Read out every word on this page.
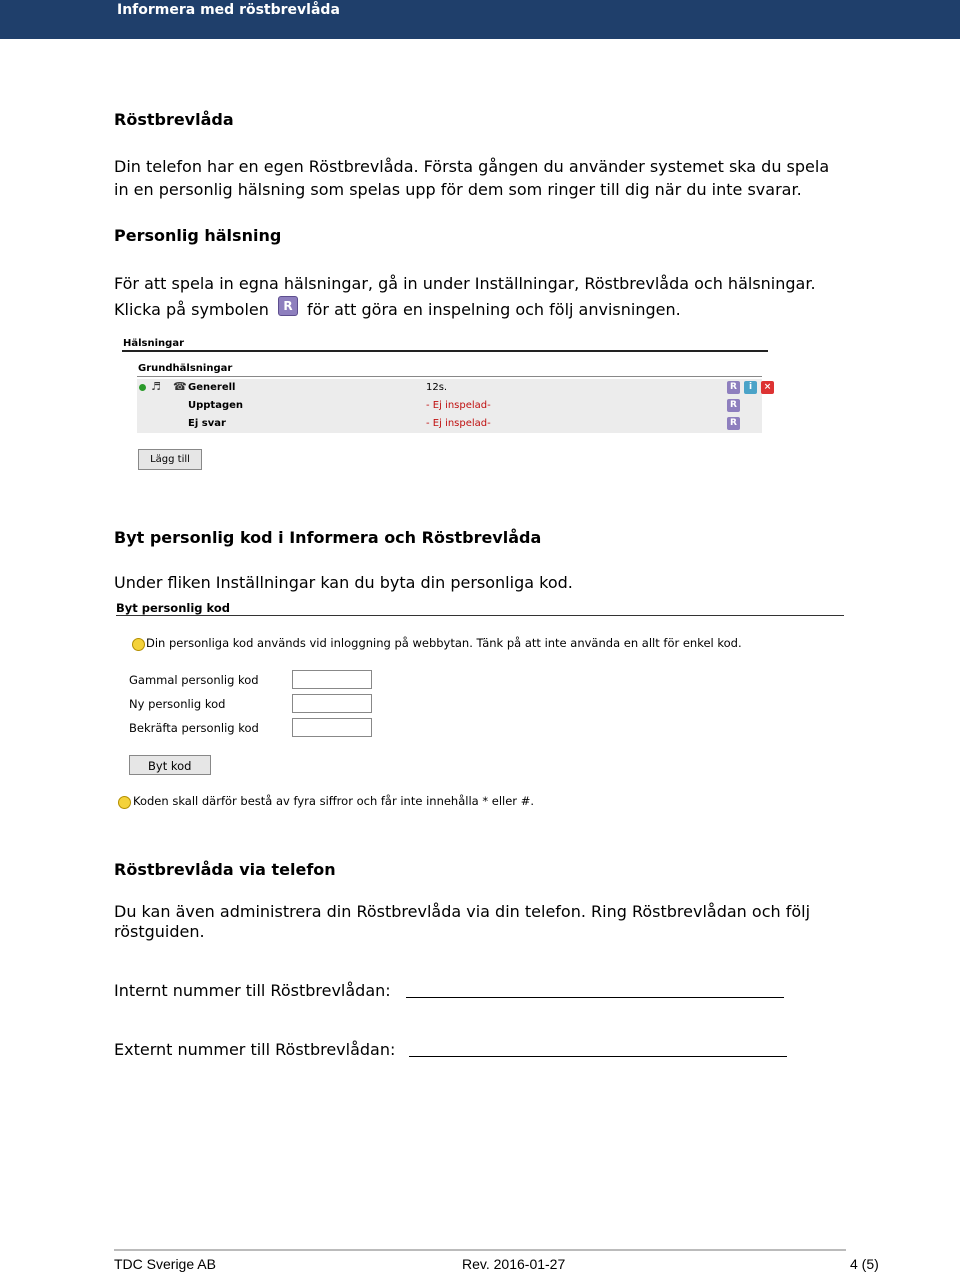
Informera med röstbrevlåda
Röstbrevlåda
Din telefon har en egen Röstbrevlåda. Första gången du använder systemet ska du spela
in en personlig hälsning som spelas upp för dem som ringer till dig när du inte svarar.
Personlig hälsning
För att spela in egna hälsningar, gå in under Inställningar, Röstbrevlåda och hälsningar.
Klicka på symbolen	R för att göra en inspelning och följ anvisningen.
Hälsningar
Grundhälsningar
♬ ☎ Generell	12s.	R	i	×
Upptagen	- Ej inspelad-	R
Ej svar	- Ej inspelad-	R
Lägg till
Byt personlig kod i Informera och Röstbrevlåda
Under fliken Inställningar kan du byta din personliga kod.
Byt personlig kod
Din personliga kod används vid inloggning på webbytan. Tänk på att inte använda en allt för enkel kod.
Gammal personlig kod
Ny personlig kod
Bekräfta personlig kod
Byt kod
Koden skall därför bestå av fyra siffror och får inte innehålla * eller #.
Röstbrevlåda via telefon
Du kan även administrera din Röstbrevlåda via din telefon. Ring Röstbrevlådan och följ
röstguiden.
Internt nummer till Röstbrevlådan:
Externt nummer till Röstbrevlådan:
TDC Sverige AB	Rev. 2016-01-27	4 (5)
